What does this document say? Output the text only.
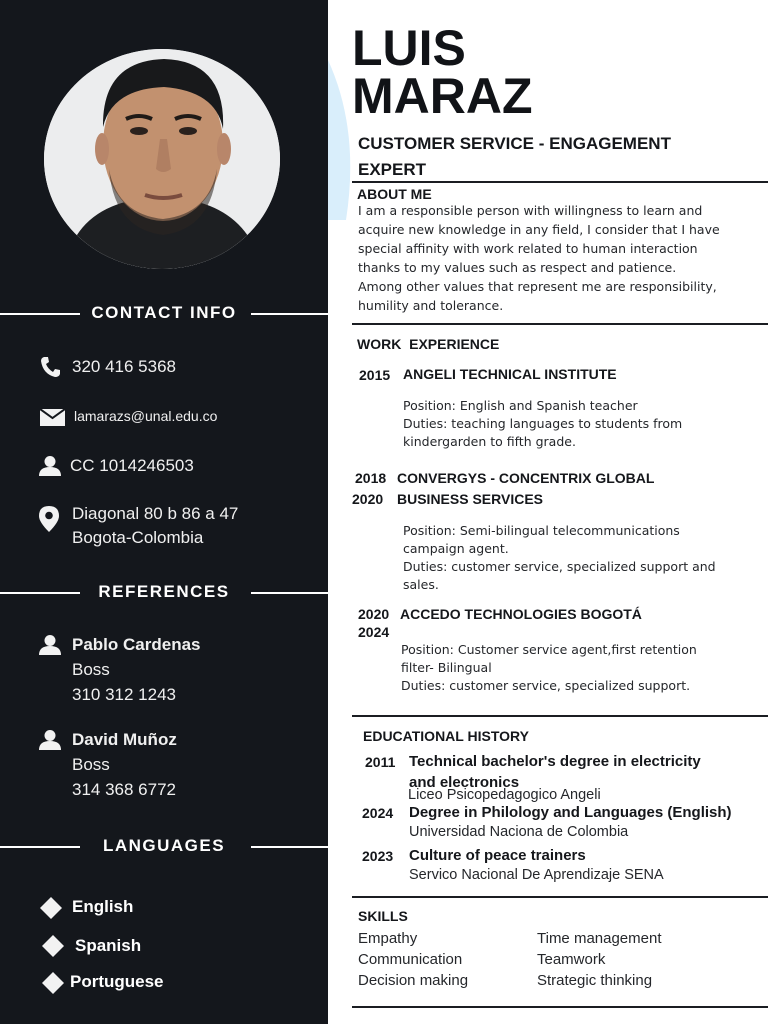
CONTACT INFO
320 416 5368
lamarazs@unal.edu.co
CC 1014246503
Diagonal 80 b 86 a 47
Bogota-Colombia
REFERENCES
Pablo Cardenas
Boss
310 312 1243
David Muñoz
Boss
314 368 6772
LANGUAGES
English
Spanish
Portuguese
LUIS
MARAZ
CUSTOMER SERVICE - ENGAGEMENT EXPERT
ABOUT ME
I am a responsible person with willingness to learn and
acquire new knowledge in any field, I consider that I have
special affinity with work related to human interaction
thanks to my values such as respect and patience.
Among other values that represent me are responsibility,
humility and tolerance.
WORK  EXPERIENCE
2015 ANGELI TECHNICAL INSTITUTE
Position: English and Spanish teacher
Duties: teaching languages to students from
kindergarden to fifth grade.
2018
2020
CONVERGYS - CONCENTRIX GLOBAL
BUSINESS SERVICES
Position: Semi-bilingual telecommunications
campaign agent.
Duties: customer service, specialized support and
sales.
2020
2024
ACCEDO TECHNOLOGIES BOGOTÁ
Position: Customer service agent,first retention
filter- Bilingual
Duties: customer service, specialized support.
EDUCATIONAL HISTORY
2011 Technical bachelor's degree in electricity
and electronics
Liceo Psicopedagogico Angeli
2024 Degree in Philology and Languages (English)
Universidad Naciona de Colombia
2023 Culture of peace trainers
Servico Nacional De Aprendizaje SENA
SKILLS
Empathy
Communication
Decision making
Time management
Teamwork
Strategic thinking
